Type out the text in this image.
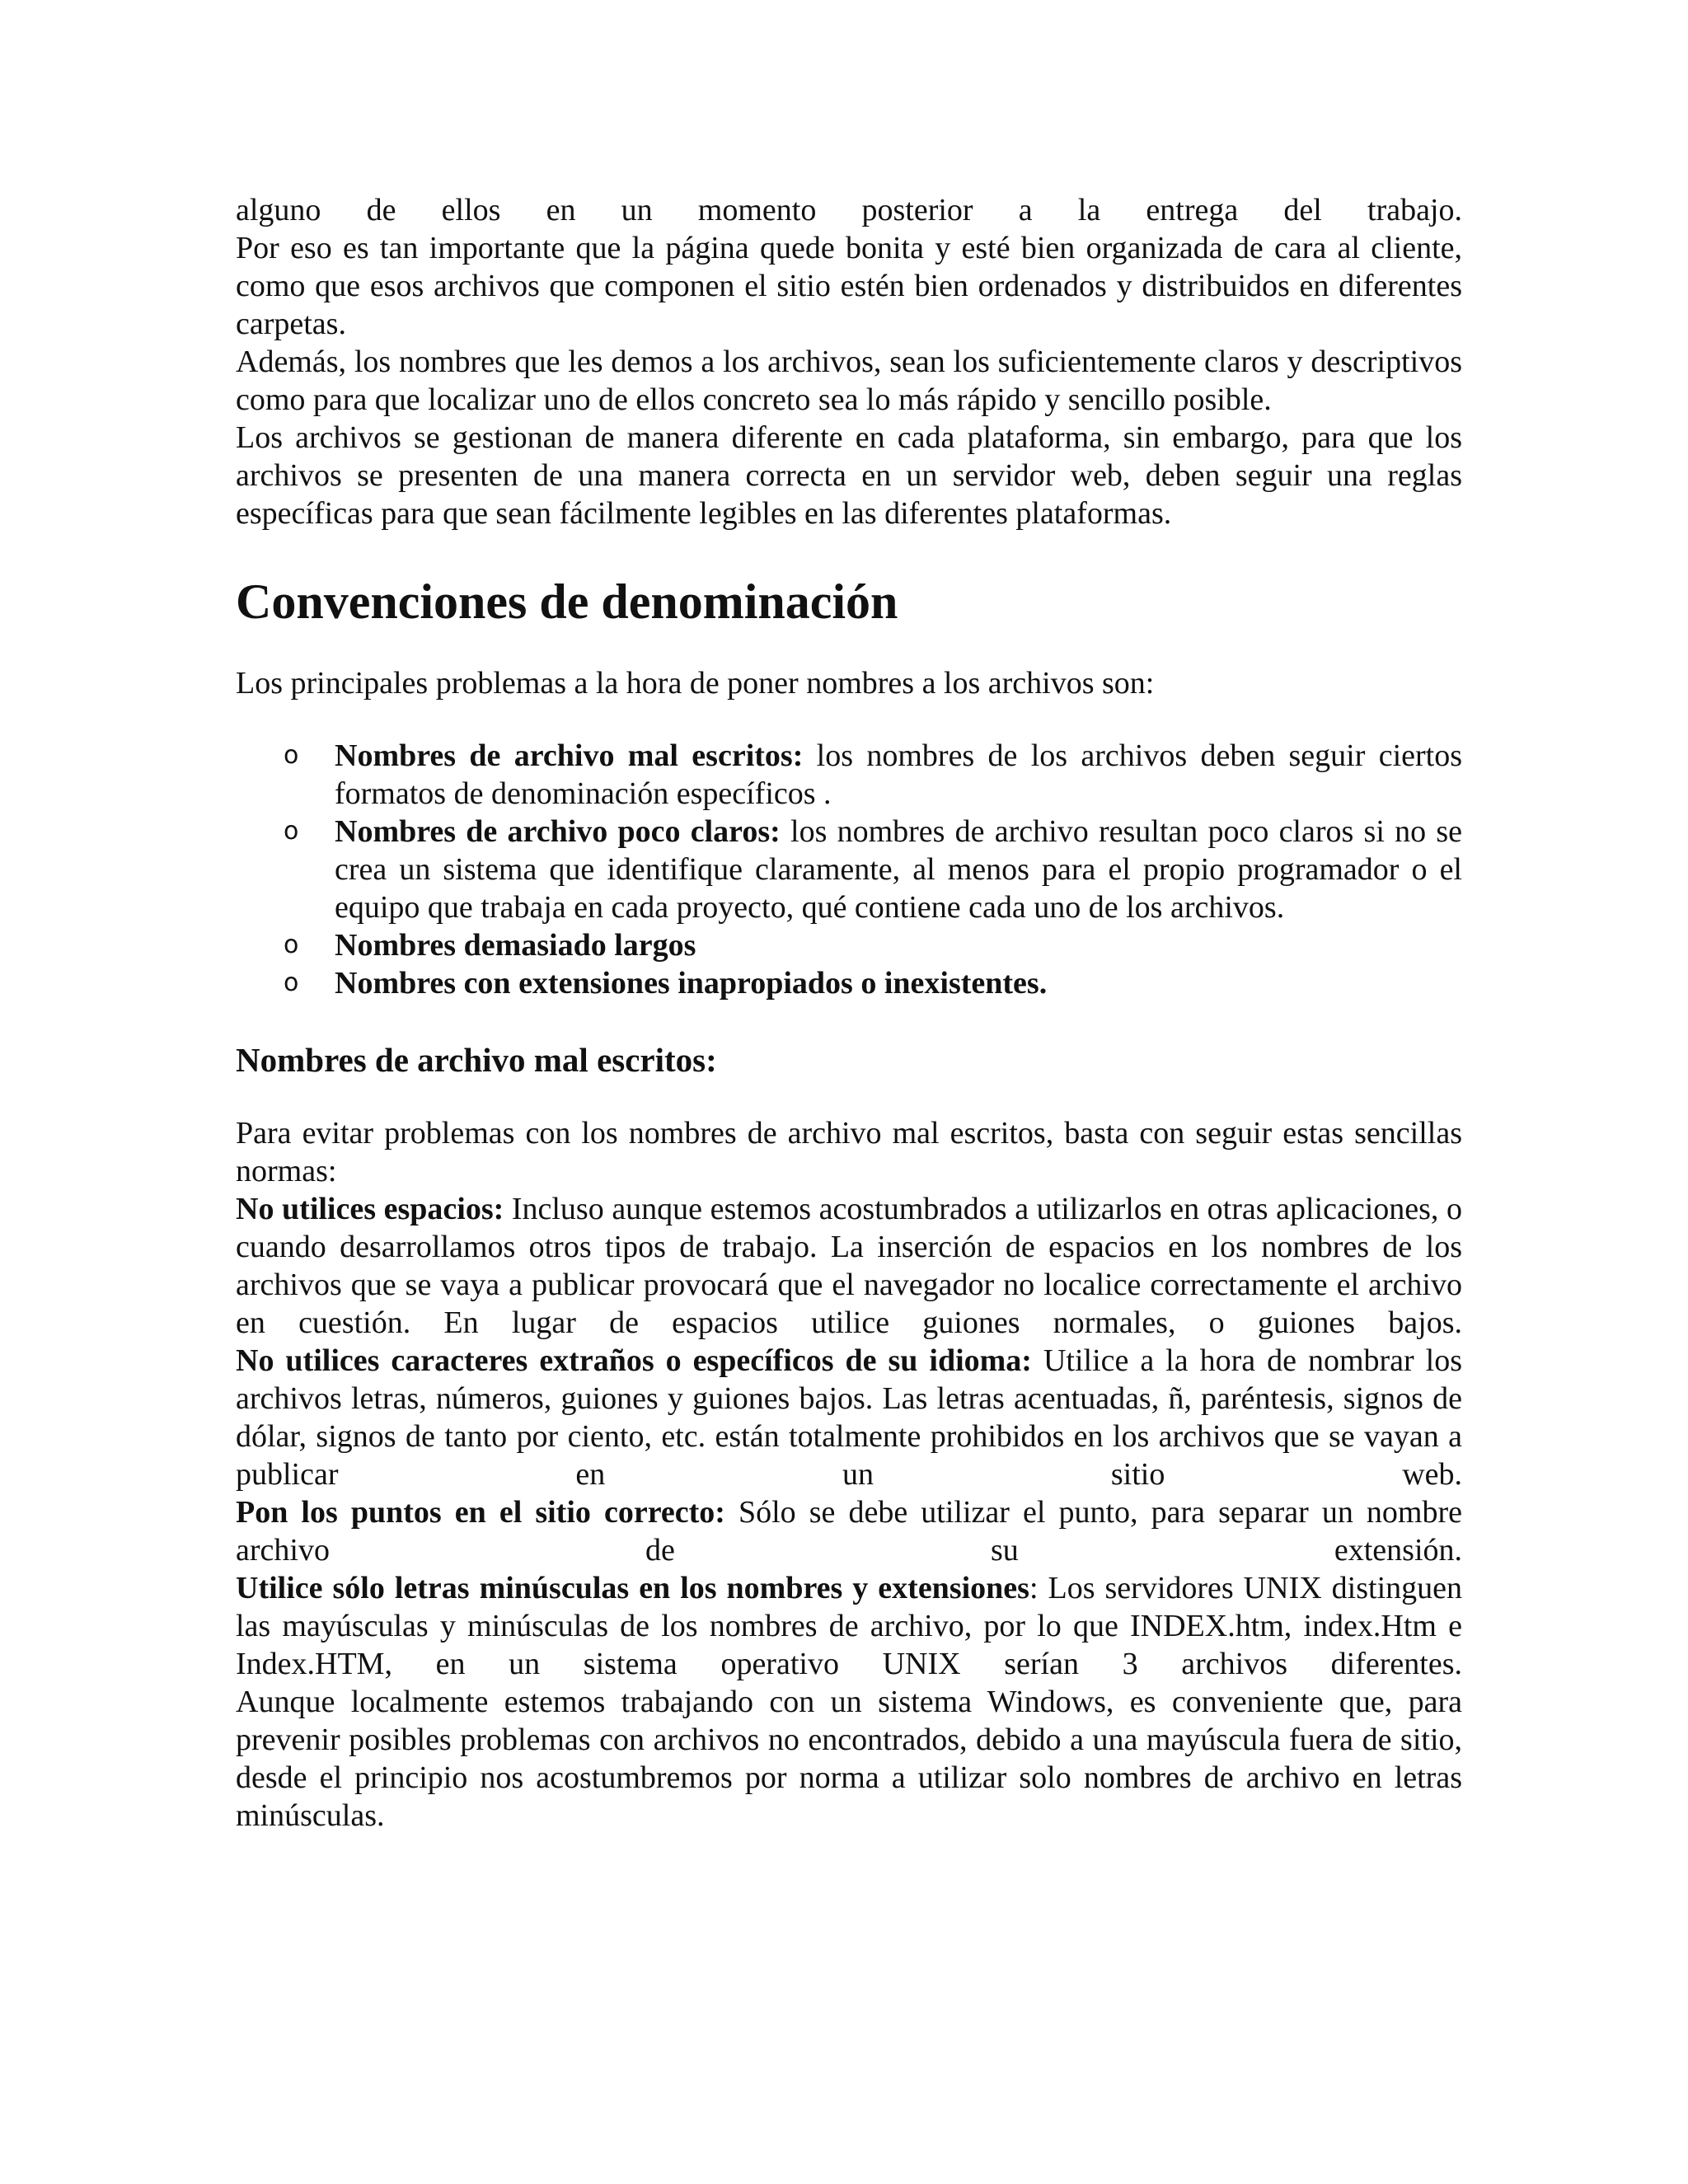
alguno de ellos en un momento posterior a la entrega del trabajo.

Por eso es tan importante que la página quede bonita y esté bien organizada de cara al cliente, como que esos archivos que componen el sitio estén bien ordenados y distribuidos en diferentes carpetas.

Además, los nombres que les demos a los archivos, sean los suficientemente claros y descriptivos como para que localizar uno de ellos concreto sea lo más rápido y sencillo posible.

Los archivos se gestionan de manera diferente en cada plataforma, sin embargo, para que los archivos se presenten de una manera correcta en un servidor web, deben seguir una reglas específicas para que sean fácilmente legibles en las diferentes plataformas.

Convenciones de denominación

Los principales problemas a la hora de poner nombres a los archivos son:

o Nombres de archivo mal escritos: los nombres de los archivos deben seguir ciertos formatos de denominación específicos .
o Nombres de archivo poco claros: los nombres de archivo resultan poco claros si no se crea un sistema que identifique claramente, al menos para el propio programador o el equipo que trabaja en cada proyecto, qué contiene cada uno de los archivos.
o Nombres demasiado largos
o Nombres con extensiones inapropiados o inexistentes.
Nombres de archivo mal escritos:

Para evitar problemas con los nombres de archivo mal escritos, basta con seguir estas sencillas normas:

No utilices espacios: Incluso aunque estemos acostumbrados a utilizarlos en otras aplicaciones, o cuando desarrollamos otros tipos de trabajo. La inserción de espacios en los nombres de los archivos que se vaya a publicar provocará que el navegador no localice correctamente el archivo en cuestión. En lugar de espacios utilice guiones normales, o guiones bajos.

No utilices caracteres extraños o específicos de su idioma: Utilice a la hora de nombrar los archivos letras, números, guiones y guiones bajos. Las letras acentuadas, ñ, paréntesis, signos de dólar, signos de tanto por ciento, etc. están totalmente prohibidos en los archivos que se vayan a publicar en un sitio web.

Pon los puntos en el sitio correcto: Sólo se debe utilizar el punto, para separar un nombre archivo de su extensión.

Utilice sólo letras minúsculas en los nombres y extensiones: Los servidores UNIX distinguen las mayúsculas y minúsculas de los nombres de archivo, por lo que INDEX.htm, index.Htm e Index.HTM, en un sistema operativo UNIX serían 3 archivos diferentes.

Aunque localmente estemos trabajando con un sistema Windows, es conveniente que, para prevenir posibles problemas con archivos no encontrados, debido a una mayúscula fuera de sitio, desde el principio nos acostumbremos por norma a utilizar solo nombres de archivo en letras minúsculas.
